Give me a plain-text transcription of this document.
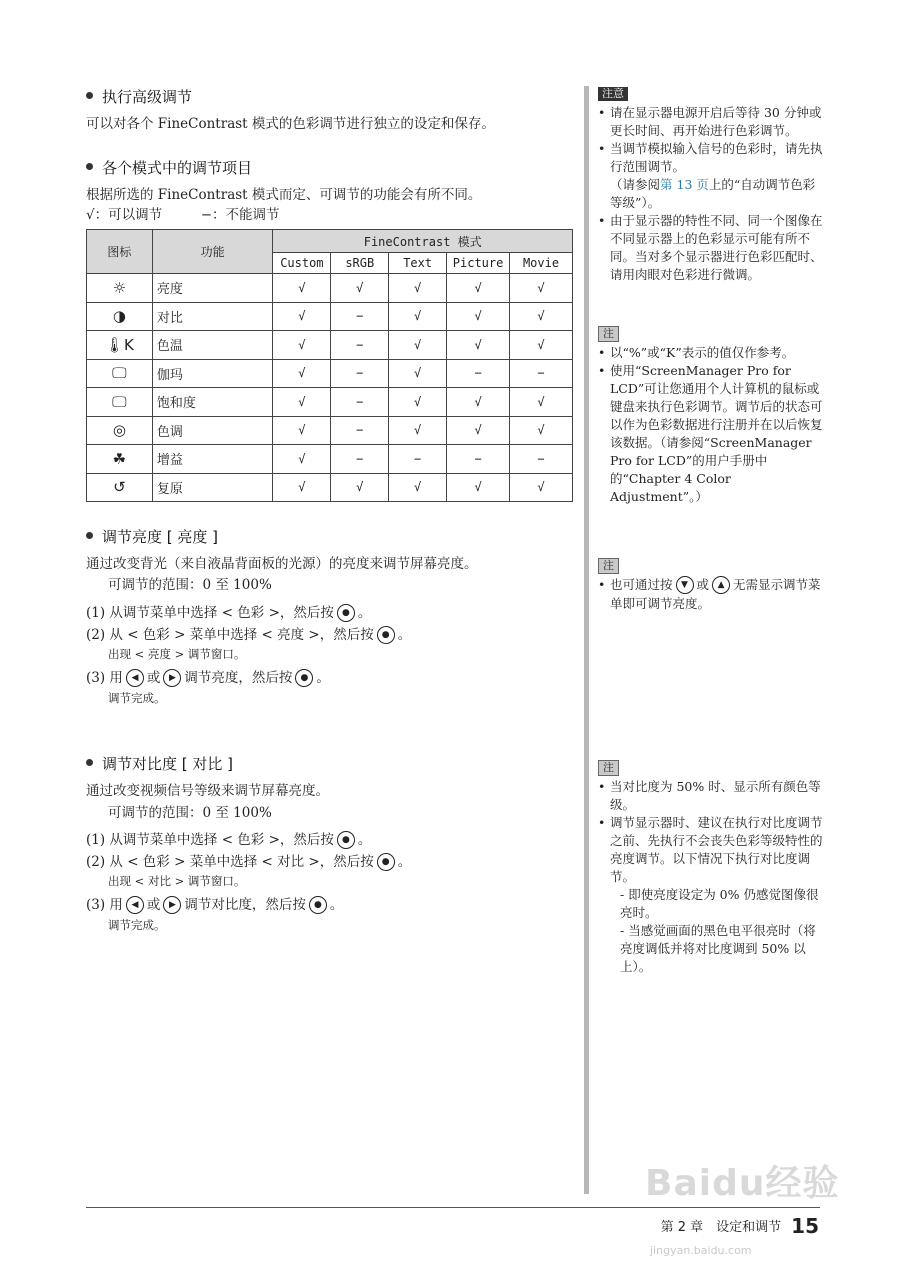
执行高级调节
可以对各个 FineContrast 模式的色彩调节进行独立的设定和保存。
各个模式中的调节项目
根据所选的 FineContrast 模式而定、可调节的功能会有所不同。
√：可以调节	−：不能调节
图标	功能	FineContrast 模式				
		Custom	sRGB	Text	Picture	Movie
☼	亮度	√	√	√	√	√
◑	对比	√	−	√	√	√
🌡K	色温	√	−	√	√	√
🖵	伽玛	√	−	√	−	−
🖵	饱和度	√	−	√	√	√
◎	色调	√	−	√	√	√
☘	增益	√	−	−	−	−
↺	复原	√	√	√	√	√
调节亮度 [ 亮度 ]
通过改变背光（来自液晶背面板的光源）的亮度来调节屏幕亮度。
可调节的范围：0 至 100%
(1) 从调节菜单中选择 < 色彩 >，然后按 ● 。
(2) 从 < 色彩 > 菜单中选择 < 亮度 >，然后按 ● 。
出现 < 亮度 > 调节窗口。
(3) 用 ◀ 或 ▶ 调节亮度，然后按 ● 。
调节完成。
调节对比度 [ 对比 ]
通过改变视频信号等级来调节屏幕亮度。
可调节的范围：0 至 100%
(1) 从调节菜单中选择 < 色彩 >，然后按 ● 。
(2) 从 < 色彩 > 菜单中选择 < 对比 >，然后按 ● 。
出现 < 对比 > 调节窗口。
(3) 用 ◀ 或 ▶ 调节对比度，然后按 ● 。
调节完成。
注意
• 请在显示器电源开启后等待 30 分钟或更长时间、再开始进行色彩调节。
• 当调节模拟输入信号的色彩时，请先执行范围调节。
（请参阅第 13 页上的“自动调节色彩等级”）。
• 由于显示器的特性不同、同一个图像在不同显示器上的色彩显示可能有所不同。当对多个显示器进行色彩匹配时、请用肉眼对色彩进行微调。
注
• 以“%”或“K”表示的值仅作参考。
• 使用“ScreenManager Pro for LCD”可让您通用个人计算机的鼠标或键盘来执行色彩调节。调节后的状态可以作为色彩数据进行注册并在以后恢复该数据。（请参阅“ScreenManager Pro for LCD”的用户手册中的“Chapter 4 Color Adjustment”。）
注
• 也可通过按 ▼ 或 ▲ 无需显示调节菜单即可调节亮度。
注
• 当对比度为 50% 时、显示所有颜色等级。
• 调节显示器时、建议在执行对比度调节之前、先执行不会丧失色彩等级特性的亮度调节。以下情况下执行对比度调节。
- 即使亮度设定为 0% 仍感觉图像很亮时。
- 当感觉画面的黑色电平很亮时（将亮度调低并将对比度调到 50% 以上）。
Baidu经验
jingyan.baidu.com
第 2 章　设定和调节 15
